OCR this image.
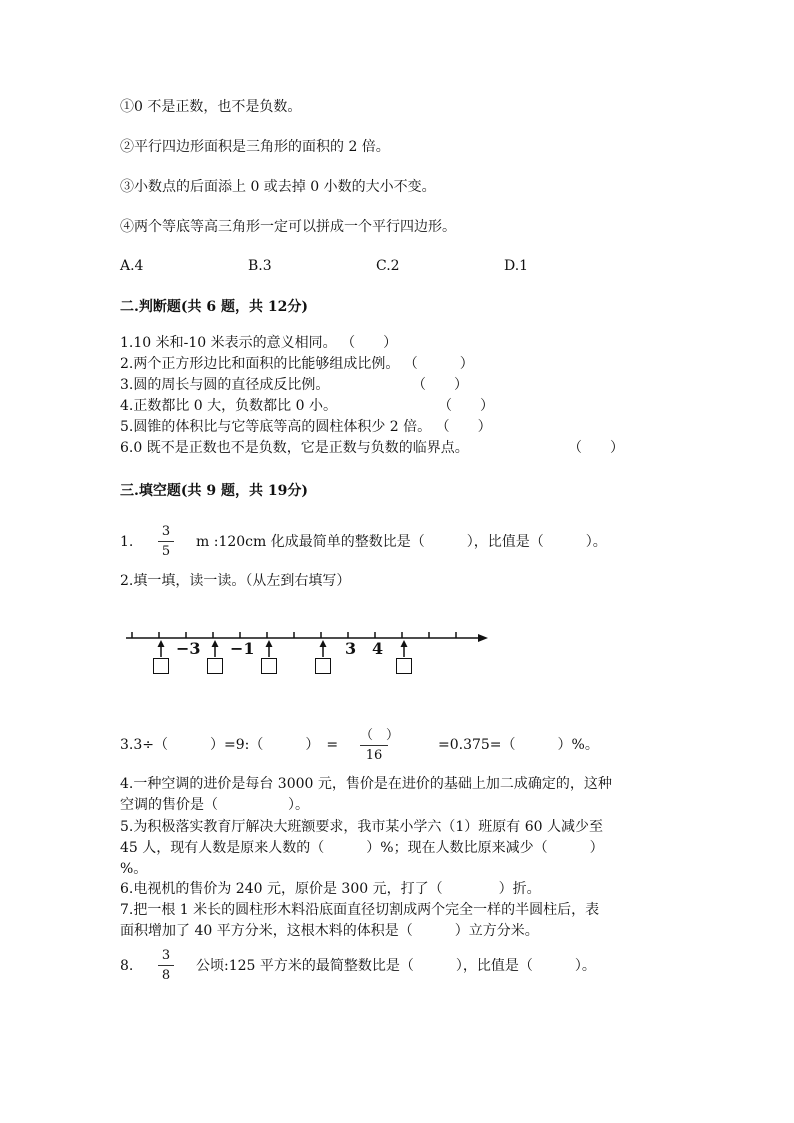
①0 不是正数，也不是负数。
②平行四边形面积是三角形的面积的 2 倍。
③小数点的后面添上 0 或去掉 0 小数的大小不变。
④两个等底等高三角形一定可以拼成一个平行四边形。
A.4	B.3	C.2	D.1
二.判断题(共 6 题，共 12分)
1.10 米和-10 米表示的意义相同。 （　　）
2.两个正方形边比和面积的比能够组成比例。 （　　　）
3.圆的周长与圆的直径成反比例。	（　　）
4.正数都比 0 大，负数都比 0 小。	（　　）
5.圆锥的体积比与它等底等高的圆柱体积少 2 倍。 （　　）
6.0 既不是正数也不是负数，它是正数与负数的临界点。	（　　）
三.填空题(共 9 题，共 19分)
1.
3
5
m :120cm 化成最简单的整数比是（　　　），比值是（　　　）。
2.填一填，读一读。（从左到右填写）
−3 −1	3 4
3.3÷（　　　）=9:（　　　）　=
（　）
16
=0.375=（　　　）%。
4.一种空调的进价是每台 3000 元，售价是在进价的基础上加二成确定的，这种
空调的售价是（　　　　　）。
5.为积极落实教育厅解决大班额要求，我市某小学六（1）班原有 60 人减少至
45 人，现有人数是原来人数的（　　　）%；现在人数比原来减少（　　　）
%。
6.电视机的售价为 240 元，原价是 300 元，打了（　　　　）折。
7.把一根 1 米长的圆柱形木料沿底面直径切割成两个完全一样的半圆柱后，表
面积增加了 40 平方分米，这根木料的体积是（　　　）立方分米。
8.
3
8
公顷:125 平方米的最简整数比是（　　　），比值是（　　　）。
